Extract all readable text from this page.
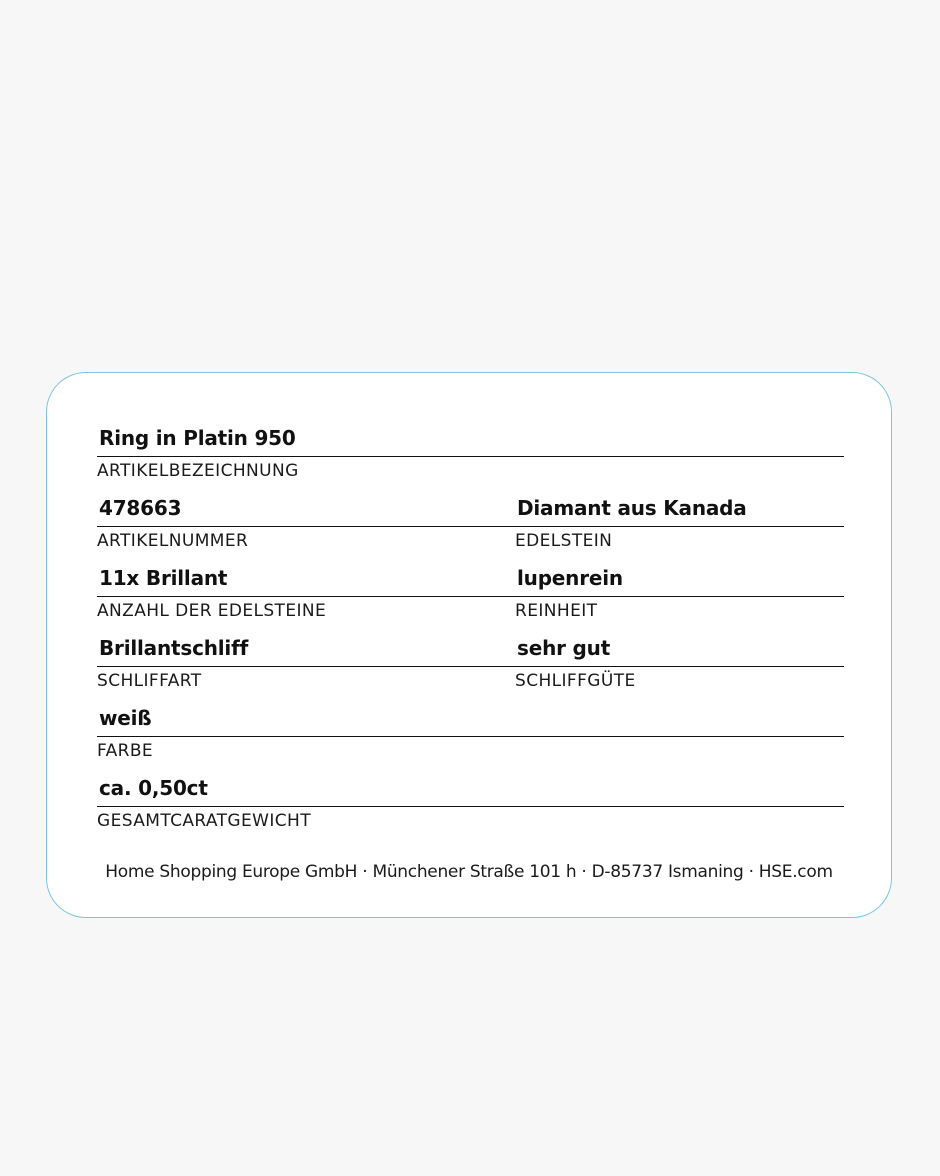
Ring in Platin 950
ARTIKELBEZEICHNUNG
478663
ARTIKELNUMMER
Diamant aus Kanada
EDELSTEIN
11x Brillant
ANZAHL DER EDELSTEINE
lupenrein
REINHEIT
Brillantschliff
SCHLIFFART
sehr gut
SCHLIFFGÜTE
weiß
FARBE
ca. 0,50ct
GESAMTCARATGEWICHT
Home Shopping Europe GmbH · Münchener Straße 101 h · D-85737 Ismaning · HSE.com
